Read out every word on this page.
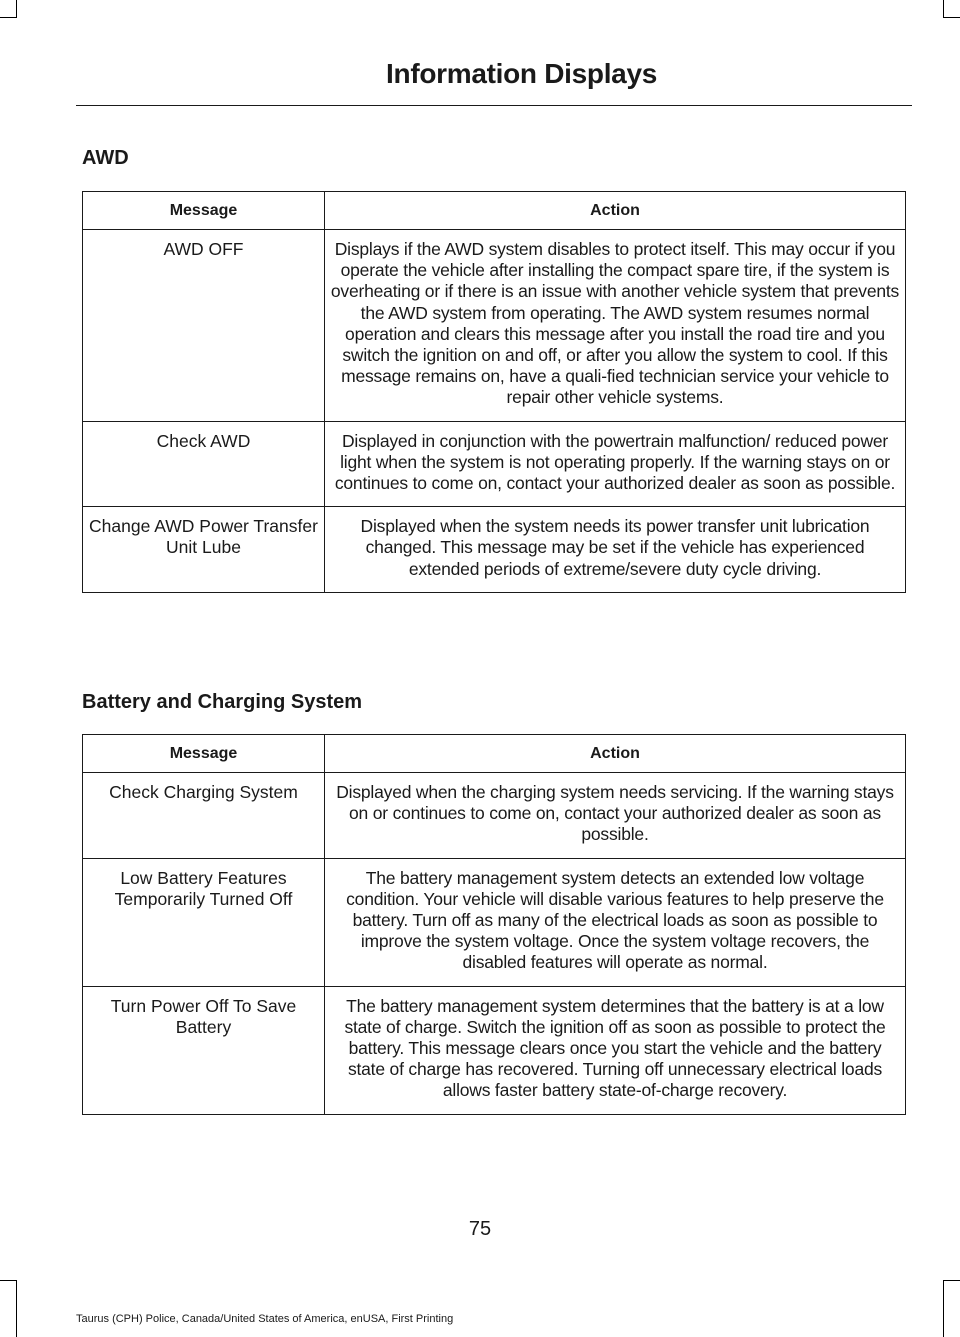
Information Displays
AWD
Message	Action
AWD OFF	Displays if the AWD system disables to protect itself. This may occur if you operate the vehicle after installing the compact spare tire, if the system is overheating or if there is an issue with another vehicle system that prevents the AWD system from operating. The AWD system resumes normal operation and clears this message after you install the road tire and you switch the ignition on and off, or after you allow the system to cool. If this message remains on, have a quali-fied technician service your vehicle to repair other vehicle systems.
Check AWD	Displayed in conjunction with the powertrain malfunction/ reduced power light when the system is not operating properly. If the warning stays on or continues to come on, contact your authorized dealer as soon as possible.
Change AWD Power Transfer Unit Lube	Displayed when the system needs its power transfer unit lubrication changed. This message may be set if the vehicle has experienced extended periods of extreme/severe duty cycle driving.
Battery and Charging System
Message	Action
Check Charging System	Displayed when the charging system needs servicing. If the warning stays on or continues to come on, contact your authorized dealer as soon as possible.
Low Battery Features Temporarily Turned Off	The battery management system detects an extended low voltage condition. Your vehicle will disable various features to help preserve the battery. Turn off as many of the electrical loads as soon as possible to improve the system voltage. Once the system voltage recovers, the disabled features will operate as normal.
Turn Power Off To Save Battery	The battery management system determines that the battery is at a low state of charge. Switch the ignition off as soon as possible to protect the battery. This message clears once you start the vehicle and the battery state of charge has recovered. Turning off unnecessary electrical loads allows faster battery state-of-charge recovery.
75
Taurus (CPH) Police, Canada/United States of America, enUSA, First Printing
